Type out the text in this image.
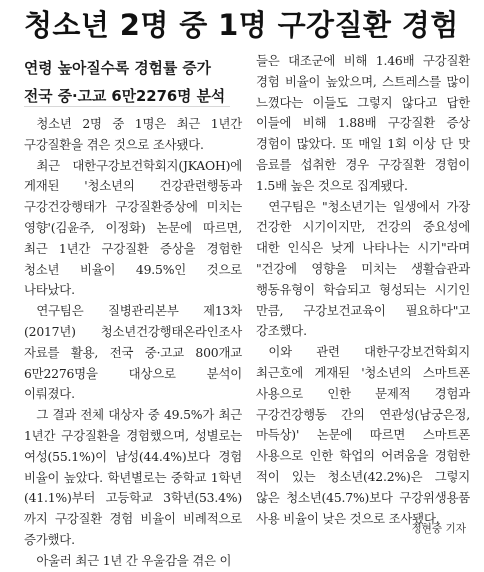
청소년 2명 중 1명 구강질환 경험
연령 높아질수록 경험률 증가
전국 중·고교 6만2276명 분석

청소년 2명 중 1명은 최근 1년간 구강질환을 겪은 것으로 조사됐다.

최근 대한구강보건학회지(JKAOH)에 게재된 '청소년의 건강관련행동과 구강건강행태가 구강질환증상에 미치는 영향'(김윤주, 이정화) 논문에 따르면, 최근 1년간 구강질환 증상을 경험한 청소년 비율이 49.5%인 것으로 나타났다.

연구팀은 질병관리본부 제13차(2017년) 청소년건강행태온라인조사 자료를 활용, 전국 중·고교 800개교 6만2276명을 대상으로 분석이 이뤄졌다.

그 결과 전체 대상자 중 49.5%가 최근 1년간 구강질환을 경험했으며, 성별로는 여성(55.1%)이 남성(44.4%)보다 경험 비율이 높았다. 학년별로는 중학교 1학년(41.1%)부터 고등학교 3학년(53.4%)까지 구강질환 경험 비율이 비례적으로 증가했다.

아울러 최근 1년 간 우울감을 겪은 이

들은 대조군에 비해 1.46배 구강질환 경험 비율이 높았으며, 스트레스를 많이 느꼈다는 이들도 그렇지 않다고 답한 이들에 비해 1.88배 구강질환 증상 경험이 많았다. 또 매일 1회 이상 단 맛 음료를 섭취한 경우 구강질환 경험이 1.5배 높은 것으로 집계됐다.

연구팀은 "청소년기는 일생에서 가장 건강한 시기이지만, 건강의 중요성에 대한 인식은 낮게 나타나는 시기"라며 "건강에 영향을 미치는 생활습관과 행동유형이 학습되고 형성되는 시기인 만큼, 구강보건교육이 필요하다"고 강조했다.

이와 관련 대한구강보건학회지 최근호에 게재된 '청소년의 스마트폰 사용으로 인한 문제적 경험과 구강건강행동 간의 연관성(남궁은정, 마득상)' 논문에 따르면 스마트폰 사용으로 인한 학업의 어려움을 경험한 적이 있는 청소년(42.2%)은 그렇지 않은 청소년(45.7%)보다 구강위생용품 사용 비율이 낮은 것으로 조사됐다.

정현중 기자
